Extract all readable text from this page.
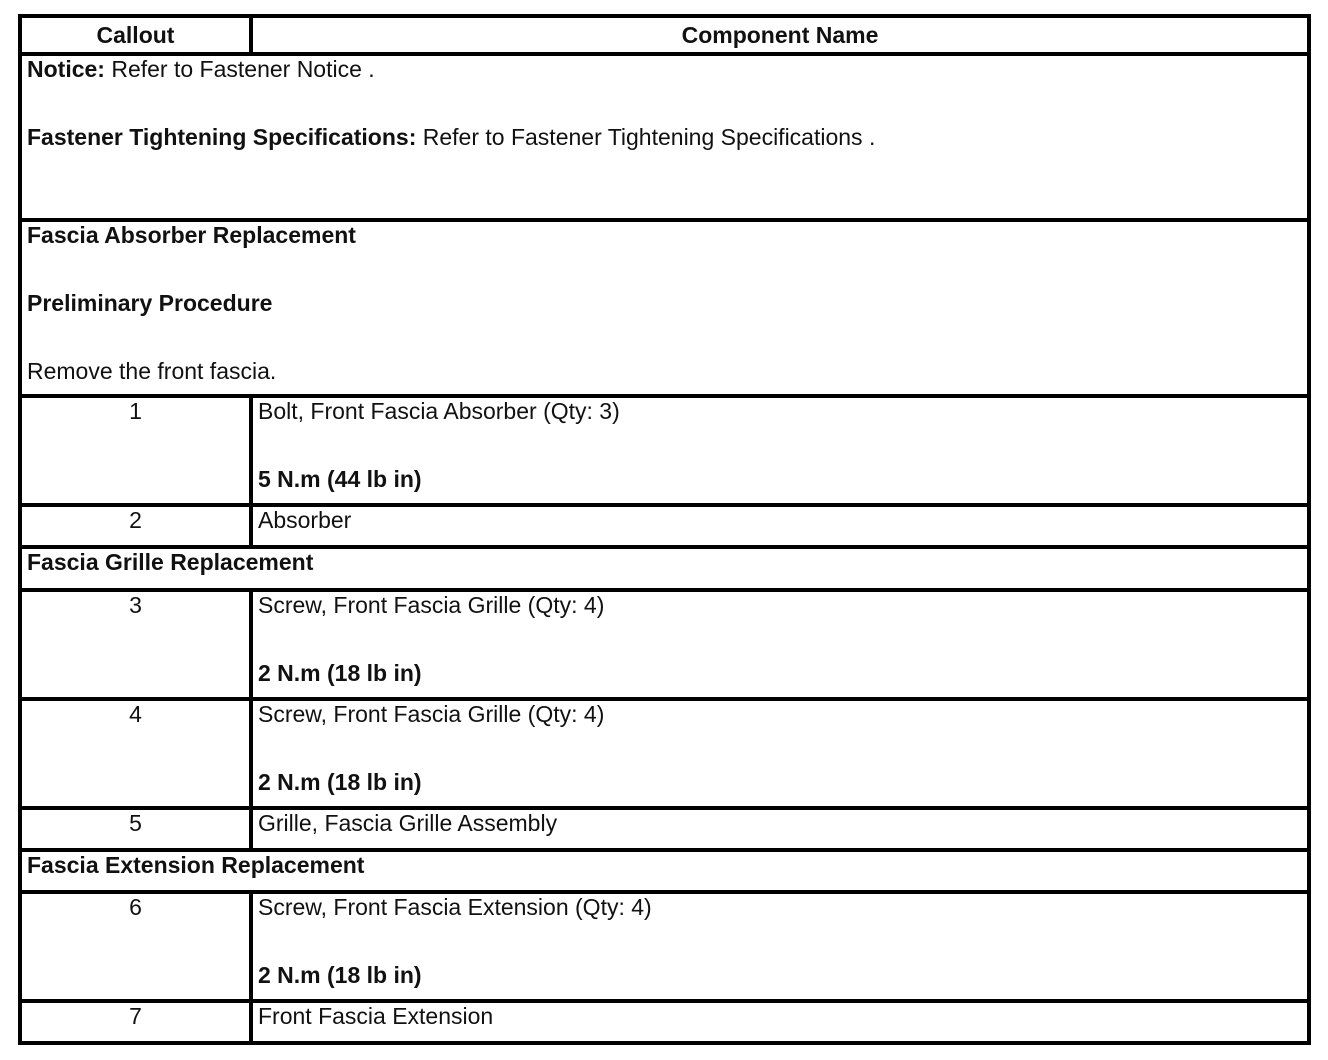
Callout	Component Name

Notice: Refer to Fastener Notice .
Fastener Tightening Specifications: Refer to Fastener Tightening Specifications .	

Fascia Absorber Replacement
Preliminary Procedure
Remove the front fascia.	

1	Bolt, Front Fascia Absorber (Qty: 3)
5 N.m (44 lb in)

2	Absorber
Fascia Grille Replacement	
3	Screw, Front Fascia Grille (Qty: 4)
2 N.m (18 lb in)

4	Screw, Front Fascia Grille (Qty: 4)
2 N.m (18 lb in)

5	Grille, Fascia Grille Assembly
Fascia Extension Replacement	
6	Screw, Front Fascia Extension (Qty: 4)
2 N.m (18 lb in)

7	Front Fascia Extension
